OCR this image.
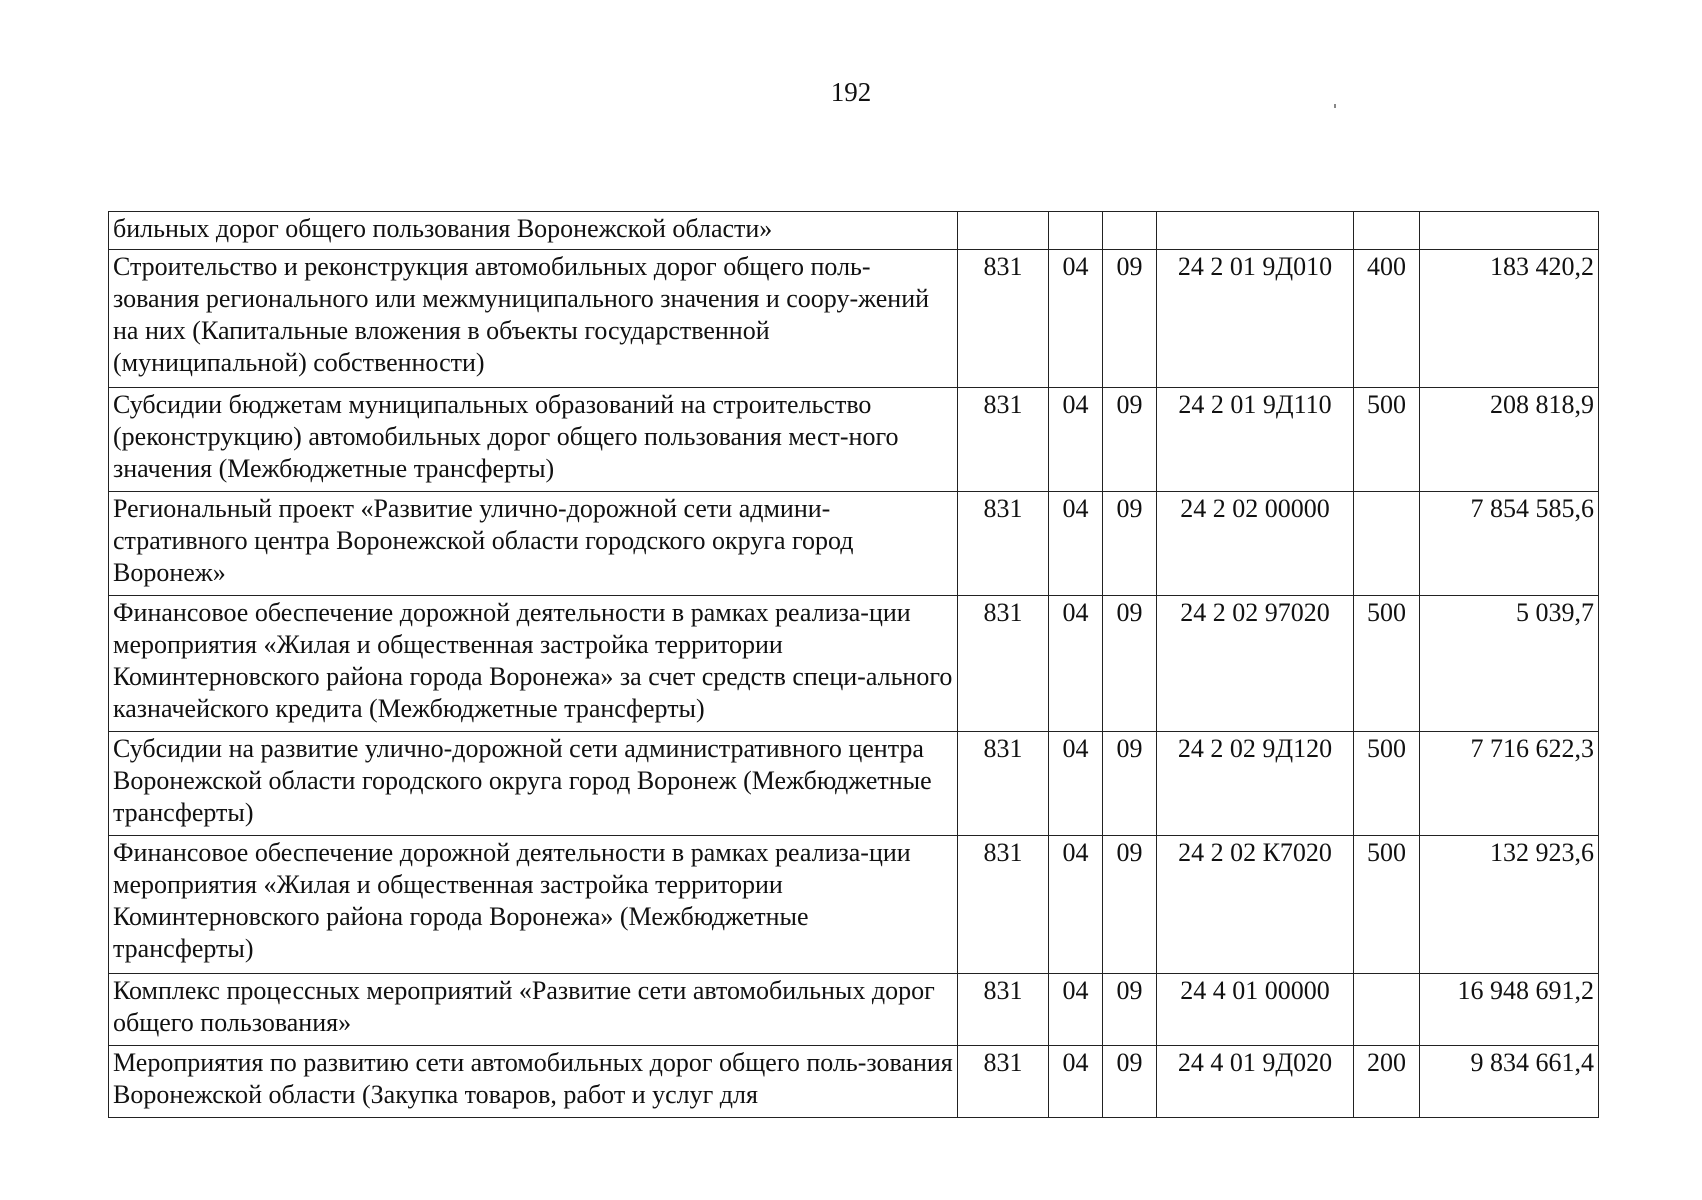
192
бильных дорог общего пользования Воронежской области»						
Строительство и реконструкция автомобильных дорог общего поль-зования регионального или межмуниципального значения и соору-жений на них (Капитальные вложения в объекты государственной (муниципальной) собственности)	831	04	09	24 2 01 9Д010	400	183 420,2
Субсидии бюджетам муниципальных образований на строительство (реконструкцию) автомобильных дорог общего пользования мест-ного значения (Межбюджетные трансферты)	831	04	09	24 2 01 9Д110	500	208 818,9
Региональный проект «Развитие улично-дорожной сети админи-стративного центра Воронежской области городского округа город Воронеж»	831	04	09	24 2 02 00000		7 854 585,6
Финансовое обеспечение дорожной деятельности в рамках реализа-ции мероприятия «Жилая и общественная застройка территории Коминтерновского района города Воронежа» за счет средств специ-ального казначейского кредита (Межбюджетные трансферты)	831	04	09	24 2 02 97020	500	5 039,7
Субсидии на развитие улично-дорожной сети административного центра Воронежской области городского округа город Воронеж (Межбюджетные трансферты)	831	04	09	24 2 02 9Д120	500	7 716 622,3
Финансовое обеспечение дорожной деятельности в рамках реализа-ции мероприятия «Жилая и общественная застройка территории Коминтерновского района города Воронежа» (Межбюджетные трансферты)	831	04	09	24 2 02 К7020	500	132 923,6
Комплекс процессных мероприятий «Развитие сети автомобильных дорог общего пользования»	831	04	09	24 4 01 00000		16 948 691,2
Мероприятия по развитию сети автомобильных дорог общего поль-зования Воронежской области (Закупка товаров, работ и услуг для	831	04	09	24 4 01 9Д020	200	9 834 661,4
